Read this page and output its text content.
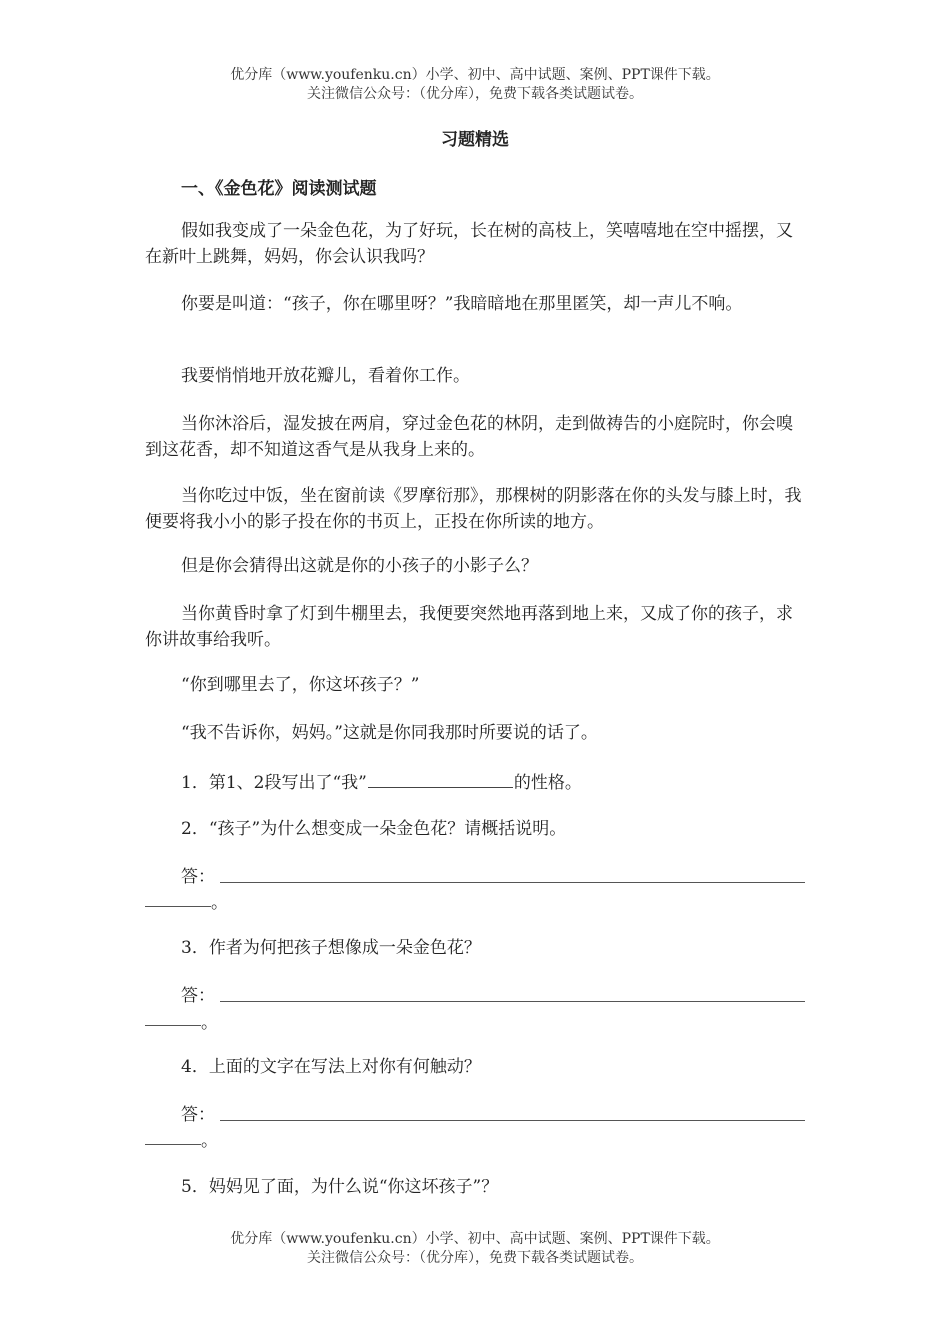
优分库（www.youfenku.cn）小学、初中、高中试题、案例、PPT课件下载。
关注微信公众号：（优分库），免费下载各类试题试卷。
习题精选
一、《金色花》阅读测试题
假如我变成了一朵金色花，为了好玩，长在树的高枝上，笑嘻嘻地在空中摇摆，又在新叶上跳舞，妈妈，你会认识我吗？
你要是叫道：“孩子，你在哪里呀？”我暗暗地在那里匿笑，却一声儿不响。
我要悄悄地开放花瓣儿，看着你工作。
当你沐浴后，湿发披在两肩，穿过金色花的林阴，走到做祷告的小庭院时，你会嗅到这花香，却不知道这香气是从我身上来的。
当你吃过中饭，坐在窗前读《罗摩衍那》，那棵树的阴影落在你的头发与膝上时，我便要将我小小的影子投在你的书页上，正投在你所读的地方。
但是你会猜得出这就是你的小孩子的小影子么？
当你黄昏时拿了灯到牛棚里去，我便要突然地再落到地上来，又成了你的孩子，求你讲故事给我听。
“你到哪里去了，你这坏孩子？”
“我不告诉你，妈妈。”这就是你同我那时所要说的话了。
1．第1、2段写出了“我”	的性格。
2．“孩子”为什么想变成一朵金色花？请概括说明。
答：
。
3．作者为何把孩子想像成一朵金色花？
答：
。
4．上面的文字在写法上对你有何触动？
答：
。
5．妈妈见了面，为什么说“你这坏孩子”？
优分库（www.youfenku.cn）小学、初中、高中试题、案例、PPT课件下载。
关注微信公众号：（优分库），免费下载各类试题试卷。
